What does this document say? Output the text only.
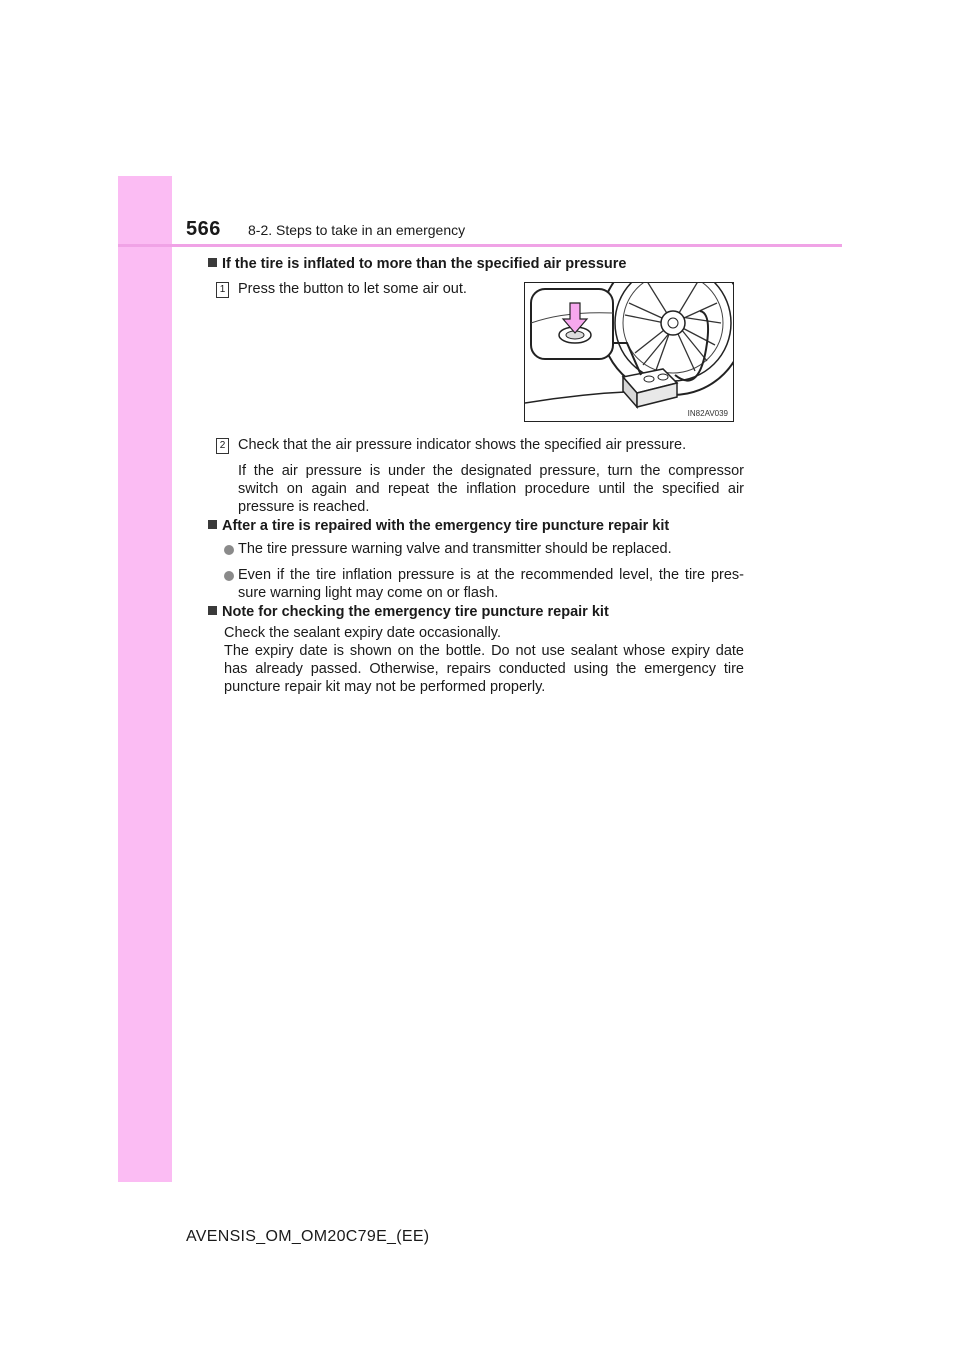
566 8-2. Steps to take in an emergency
If the tire is inflated to more than the specified air pressure
1 Press the button to let some air out.
IN82AV039
2 Check that the air pressure indicator shows the specified air pressure.
If the air pressure is under the designated pressure, turn the compressor
switch on again and repeat the inflation procedure until the specified air
pressure is reached.
After a tire is repaired with the emergency tire puncture repair kit
The tire pressure warning valve and transmitter should be replaced.
Even if the tire inflation pressure is at the recommended level, the tire pres-
sure warning light may come on or flash.
Note for checking the emergency tire puncture repair kit
Check the sealant expiry date occasionally.
The expiry date is shown on the bottle. Do not use sealant whose expiry date
has already passed. Otherwise, repairs conducted using the emergency tire
puncture repair kit may not be performed properly.
AVENSIS_OM_OM20C79E_(EE)
